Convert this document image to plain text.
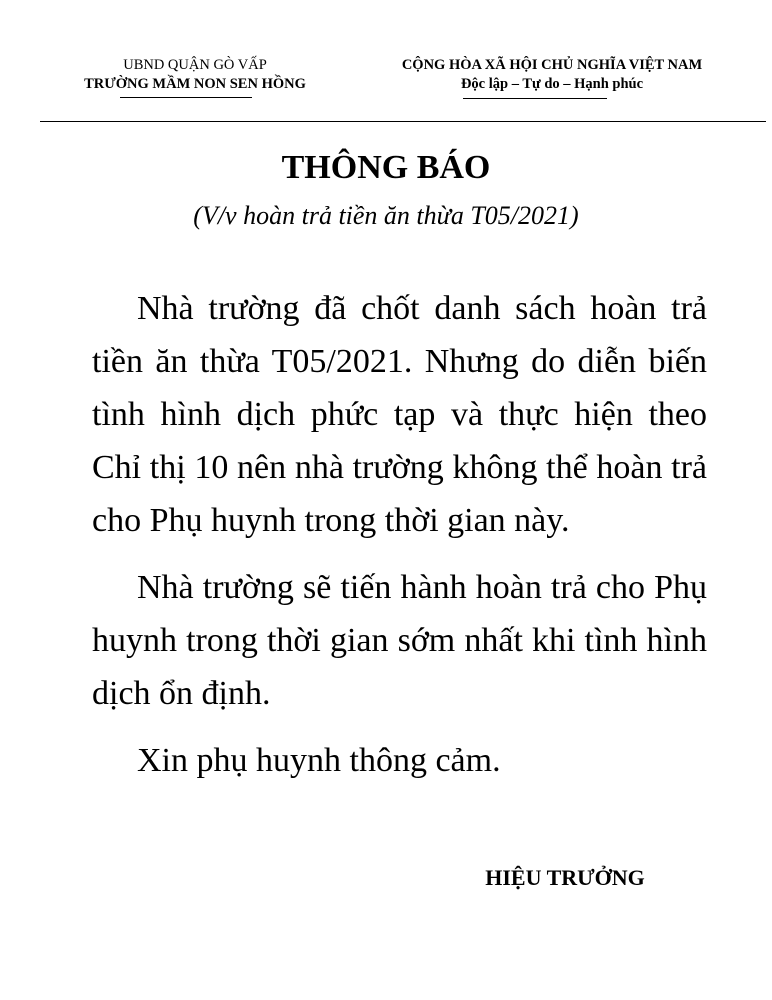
UBND QUẬN GÒ VẤP
TRƯỜNG MẦM NON SEN HỒNG
CỘNG HÒA XÃ HỘI CHỦ NGHĨA VIỆT NAM
Độc lập – Tự do – Hạnh phúc
THÔNG BÁO
(V/v hoàn trả tiền ăn thừa T05/2021)

Nhà trường đã chốt danh sách hoàn trả tiền ăn thừa T05/2021. Nhưng do diễn biến tình hình dịch phức tạp và thực hiện theo Chỉ thị 10 nên nhà trường không thể hoàn trả cho Phụ huynh trong thời gian này.

Nhà trường sẽ tiến hành hoàn trả cho Phụ huynh trong thời gian sớm nhất khi tình hình dịch ổn định.

Xin phụ huynh thông cảm.

HIỆU TRƯỞNG
